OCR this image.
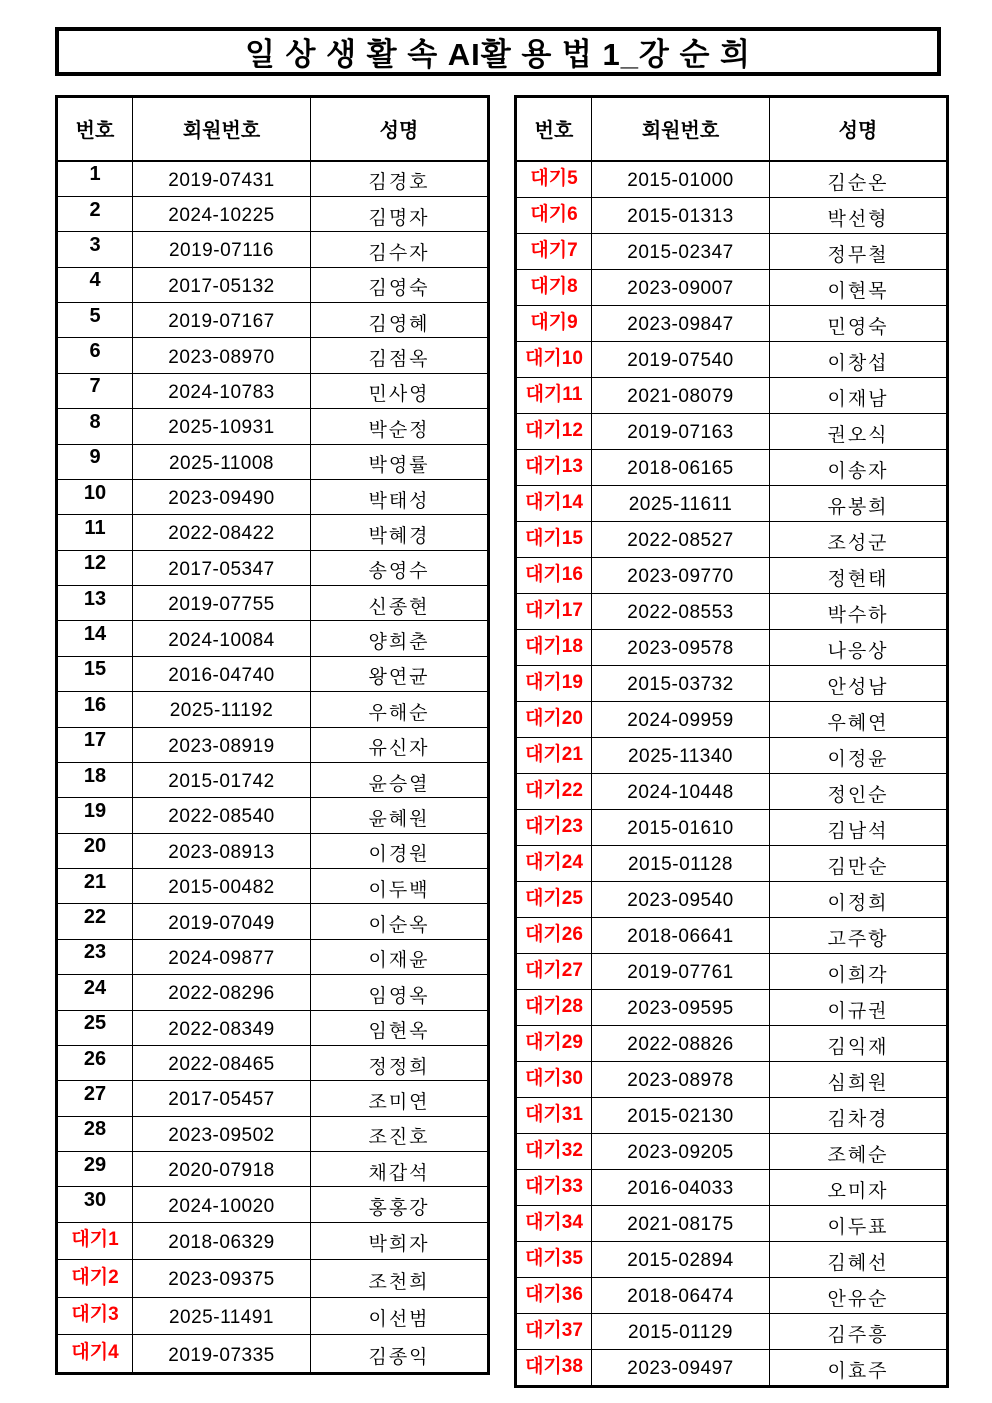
일 상 생 활 속 AI활 용 법 1_강 순 희
번호	회원번호	성명
1	2019-07431	김경호
2	2024-10225	김명자
3	2019-07116	김수자
4	2017-05132	김영숙
5	2019-07167	김영혜
6	2023-08970	김점옥
7	2024-10783	민사영
8	2025-10931	박순정
9	2025-11008	박영률
10	2023-09490	박태성
11	2022-08422	박혜경
12	2017-05347	송영수
13	2019-07755	신종현
14	2024-10084	양희춘
15	2016-04740	왕연균
16	2025-11192	우해순
17	2023-08919	유신자
18	2015-01742	윤승열
19	2022-08540	윤혜원
20	2023-08913	이경원
21	2015-00482	이두백
22	2019-07049	이순옥
23	2024-09877	이재윤
24	2022-08296	임영옥
25	2022-08349	임현옥
26	2022-08465	정정희
27	2017-05457	조미연
28	2023-09502	조진호
29	2020-07918	채갑석
30	2024-10020	홍홍강
대기1	2018-06329	박희자
대기2	2023-09375	조천희
대기3	2025-11491	이선범
대기4	2019-07335	김종익
번호	회원번호	성명
대기5	2015-01000	김순온
대기6	2015-01313	박선형
대기7	2015-02347	정무철
대기8	2023-09007	이현목
대기9	2023-09847	민영숙
대기10	2019-07540	이창섭
대기11	2021-08079	이재남
대기12	2019-07163	권오식
대기13	2018-06165	이송자
대기14	2025-11611	유봉희
대기15	2022-08527	조성군
대기16	2023-09770	정현태
대기17	2022-08553	박수하
대기18	2023-09578	나응상
대기19	2015-03732	안성남
대기20	2024-09959	우혜연
대기21	2025-11340	이정윤
대기22	2024-10448	정인순
대기23	2015-01610	김남석
대기24	2015-01128	김만순
대기25	2023-09540	이정희
대기26	2018-06641	고주항
대기27	2019-07761	이희각
대기28	2023-09595	이규권
대기29	2022-08826	김익재
대기30	2023-08978	심희원
대기31	2015-02130	김차경
대기32	2023-09205	조혜순
대기33	2016-04033	오미자
대기34	2021-08175	이두표
대기35	2015-02894	김혜선
대기36	2018-06474	안유순
대기37	2015-01129	김주흥
대기38	2023-09497	이효주
